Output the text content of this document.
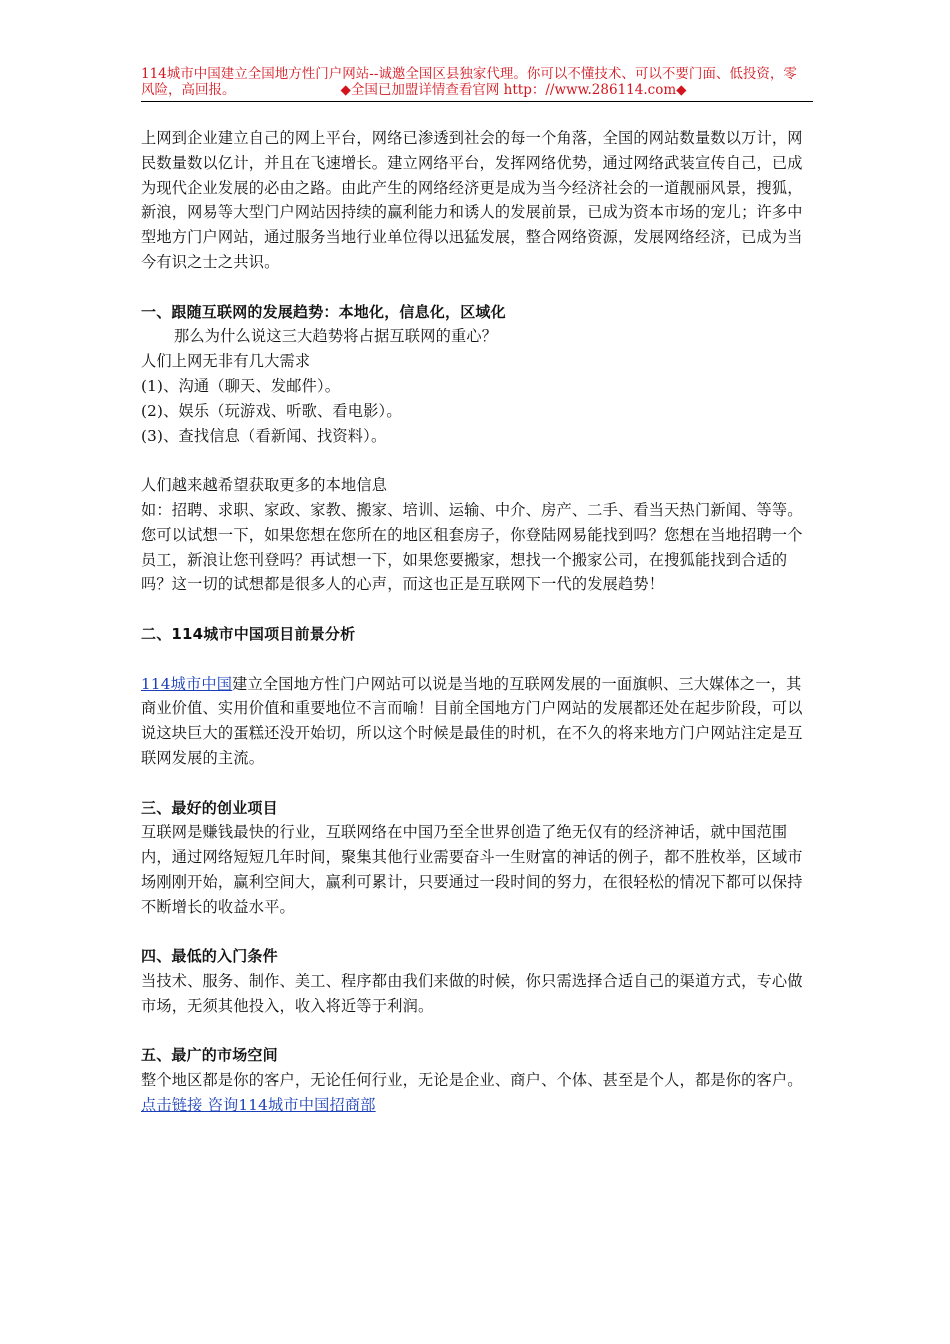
114城市中国建立全国地方性门户网站--诚邀全国区县独家代理。你可以不懂技术、可以不要门面、低投资，零
风险，高回报。	◆全国已加盟详情查看官网 http：//www.286114.com◆

上网到企业建立自己的网上平台，网络已渗透到社会的每一个角落，全国的网站数量数以万计，网民数量数以亿计，并且在飞速增长。建立网络平台，发挥网络优势，通过网络武装宣传自己，已成为现代企业发展的必由之路。由此产生的网络经济更是成为当今经济社会的一道靓丽风景，搜狐，新浪，网易等大型门户网站因持续的赢利能力和诱人的发展前景，已成为资本市场的宠儿；许多中型地方门户网站，通过服务当地行业单位得以迅猛发展，整合网络资源，发展网络经济，已成为当今有识之士之共识。

一、跟随互联网的发展趋势：本地化，信息化，区域化

那么为什么说这三大趋势将占据互联网的重心？

人们上网无非有几大需求

(1)、沟通（聊天、发邮件）。

(2)、娱乐（玩游戏、听歌、看电影）。

(3)、查找信息（看新闻、找资料）。

人们越来越希望获取更多的本地信息

如：招聘、求职、家政、家教、搬家、培训、运输、中介、房产、二手、看当天热门新闻、等等。

您可以试想一下，如果您想在您所在的地区租套房子，你登陆网易能找到吗？您想在当地招聘一个员工，新浪让您刊登吗？再试想一下，如果您要搬家，想找一个搬家公司，在搜狐能找到合适的吗？这一切的试想都是很多人的心声，而这也正是互联网下一代的发展趋势！

二、114城市中国项目前景分析

114城市中国建立全国地方性门户网站可以说是当地的互联网发展的一面旗帜、三大媒体之一，其商业价值、实用价值和重要地位不言而喻！目前全国地方门户网站的发展都还处在起步阶段，可以说这块巨大的蛋糕还没开始切，所以这个时候是最佳的时机，在不久的将来地方门户网站注定是互联网发展的主流。

三、最好的创业项目

互联网是赚钱最快的行业，互联网络在中国乃至全世界创造了绝无仅有的经济神话，就中国范围内，通过网络短短几年时间，聚集其他行业需要奋斗一生财富的神话的例子，都不胜枚举，区域市场刚刚开始，赢利空间大，赢利可累计，只要通过一段时间的努力，在很轻松的情况下都可以保持不断增长的收益水平。

四、最低的入门条件

当技术、服务、制作、美工、程序都由我们来做的时候，你只需选择合适自己的渠道方式，专心做市场，无须其他投入，收入将近等于利润。

五、最广的市场空间

整个地区都是你的客户，无论任何行业，无论是企业、商户、个体、甚至是个人，都是你的客户。

点击链接 咨询114城市中国招商部
